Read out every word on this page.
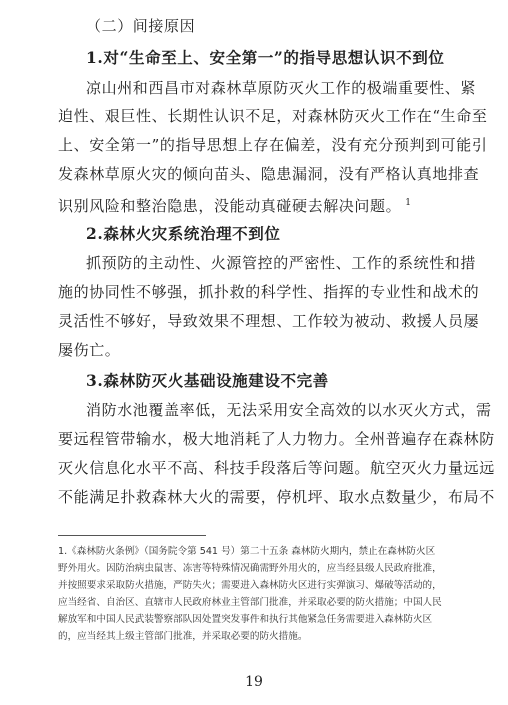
（二）间接原因
1.对“生命至上、安全第一”的指导思想认识不到位
凉山州和西昌市对森林草原防灭火工作的极端重要性、紧
迫性、艰巨性、长期性认识不足，对森林防灭火工作在“生命至
上、安全第一”的指导思想上存在偏差，没有充分预判到可能引
发森林草原火灾的倾向苗头、隐患漏洞，没有严格认真地排查
识别风险和整治隐患，没能动真碰硬去解决问题。 $^1$
2.森林火灾系统治理不到位
抓预防的主动性、火源管控的严密性、工作的系统性和措
施的协同性不够强，抓扑救的科学性、指挥的专业性和战术的
灵活性不够好，导致效果不理想、工作较为被动、救援人员屡
屡伤亡。
3.森林防灭火基础设施建设不完善
消防水池覆盖率低，无法采用安全高效的以水灭火方式，需
要远程管带输水，极大地消耗了人力物力。全州普遍存在森林防
灭火信息化水平不高、科技手段落后等问题。航空灭火力量远远
不能满足扑救森林大火的需要，停机坪、取水点数量少，布局不
1.《森林防火条例》（国务院令第 541 号）第二十五条 森林防火期内，禁止在森林防火区
野外用火。因防治病虫鼠害、冻害等特殊情况确需野外用火的，应当经县级人民政府批准，
并按照要求采取防火措施，严防失火；需要进入森林防火区进行实弹演习、爆破等活动的，
应当经省、自治区、直辖市人民政府林业主管部门批准，并采取必要的防火措施；中国人民
解放军和中国人民武装警察部队因处置突发事件和执行其他紧急任务需要进入森林防火区
的，应当经其上级主管部门批准，并采取必要的防火措施。
19
